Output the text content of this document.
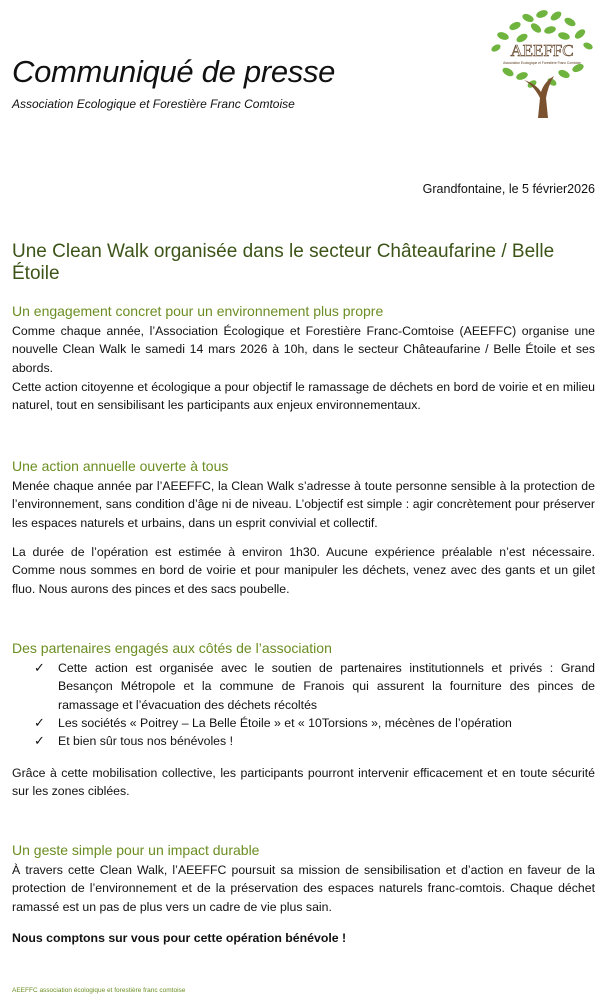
Communiqué de presse

Association Ecologique et Forestière Franc Comtoise

AEEFFC
Association Ecologique et Forestière Franc Comtoise
Grandfontaine, le 5 février2026
Une Clean Walk organisée dans le secteur Châteaufarine / Belle Étoile
Un engagement concret pour un environnement plus propre

Comme chaque année, l’Association Écologique et Forestière Franc-Comtoise (AEEFFC) organise une nouvelle Clean Walk le samedi 14 mars 2026 à 10h, dans le secteur Châteaufarine / Belle Étoile et ses abords.

Cette action citoyenne et écologique a pour objectif le ramassage de déchets en bord de voirie et en milieu naturel, tout en sensibilisant les participants aux enjeux environnementaux.

Une action annuelle ouverte à tous

Menée chaque année par l’AEEFFC, la Clean Walk s’adresse à toute personne sensible à la protection de l’environnement, sans condition d’âge ni de niveau. L’objectif est simple : agir concrètement pour préserver les espaces naturels et urbains, dans un esprit convivial et collectif.

La durée de l’opération est estimée à environ 1h30. Aucune expérience préalable n’est nécessaire. Comme nous sommes en bord de voirie et pour manipuler les déchets, venez avec des gants et un gilet fluo. Nous aurons des pinces et des sacs poubelle.

Des partenaires engagés aux côtés de l’association
✓ Cette action est organisée avec le soutien de partenaires institutionnels et privés : Grand Besançon Métropole et la commune de Franois qui assurent la fourniture des pinces de ramassage et l’évacuation des déchets récoltés
✓ Les sociétés « Poitrey – La Belle Étoile » et « 10Torsions », mécènes de l’opération
✓ Et bien sûr tous nos bénévoles !

Grâce à cette mobilisation collective, les participants pourront intervenir efficacement et en toute sécurité sur les zones ciblées.

Un geste simple pour un impact durable

À travers cette Clean Walk, l’AEEFFC poursuit sa mission de sensibilisation et d’action en faveur de la protection de l’environnement et de la préservation des espaces naturels franc-comtois. Chaque déchet ramassé est un pas de plus vers un cadre de vie plus sain.

Nous comptons sur vous pour cette opération bénévole !

AEEFFC association écologique et forestière franc comtoise
